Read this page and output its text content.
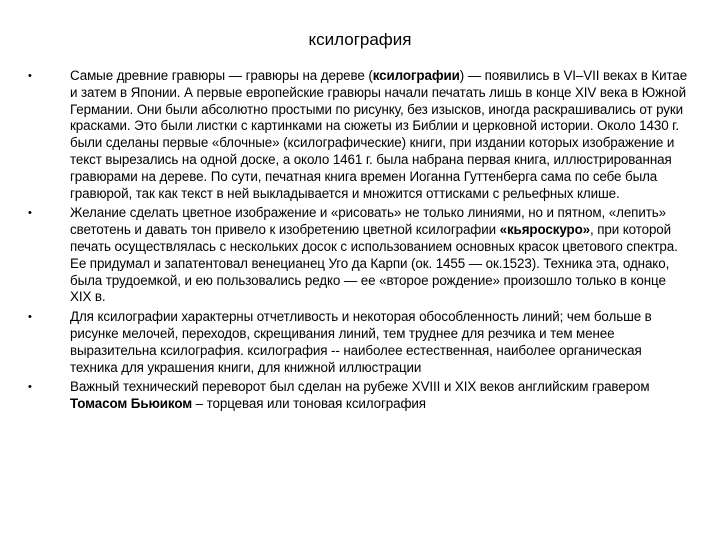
ксилография
•	Самые древние гравюры — гравюры на дереве (ксилографии) — появились в VI–VII веках в Китае и затем в Японии. А первые европейские гравюры начали печатать лишь в конце XIV века в Южной Германии. Они были абсолютно простыми по рисунку, без изысков, иногда раскрашивались от руки красками. Это были листки с картинками на сюжеты из Библии и церковной истории. Около 1430 г. были сделаны первые «блочные» (ксилографические) книги, при издании которых изображение и текст вырезались на одной доске, а около 1461 г. была набрана первая книга, иллюстрированная гравюрами на дереве. По сути, печатная книга времен Иоганна Гуттенберга сама по себе была гравюрой, так как текст в ней выкладывается и множится оттисками с рельефных клише.
•	Желание сделать цветное изображение и «рисовать» не только линиями, но и пятном, «лепить» светотень и давать тон привело к изобретению цветной ксилографии «кьяроскуро», при которой печать осуществлялась с нескольких досок с использованием основных красок цветового спектра. Ее придумал и запатентовал венецианец Уго да Карпи (ок. 1455 — ок.1523). Техника эта, однако, была трудоемкой, и ею пользовались редко — ее «второе рождение» произошло только в конце XIX в.
•	Для ксилографии характерны отчетливость и некоторая обособленность линий; чем больше в рисунке мелочей, переходов, скрещивания линий, тем труднее для резчика и тем менее выразительна ксилография. ксилография -- наиболее естественная, наиболее органическая техника для украшения книги, для книжной иллюстрации
•	Важный технический переворот был сделан на рубеже XVIII и XIX веков английским гравером Томасом Бьюиком – торцевая или тоновая ксилография
